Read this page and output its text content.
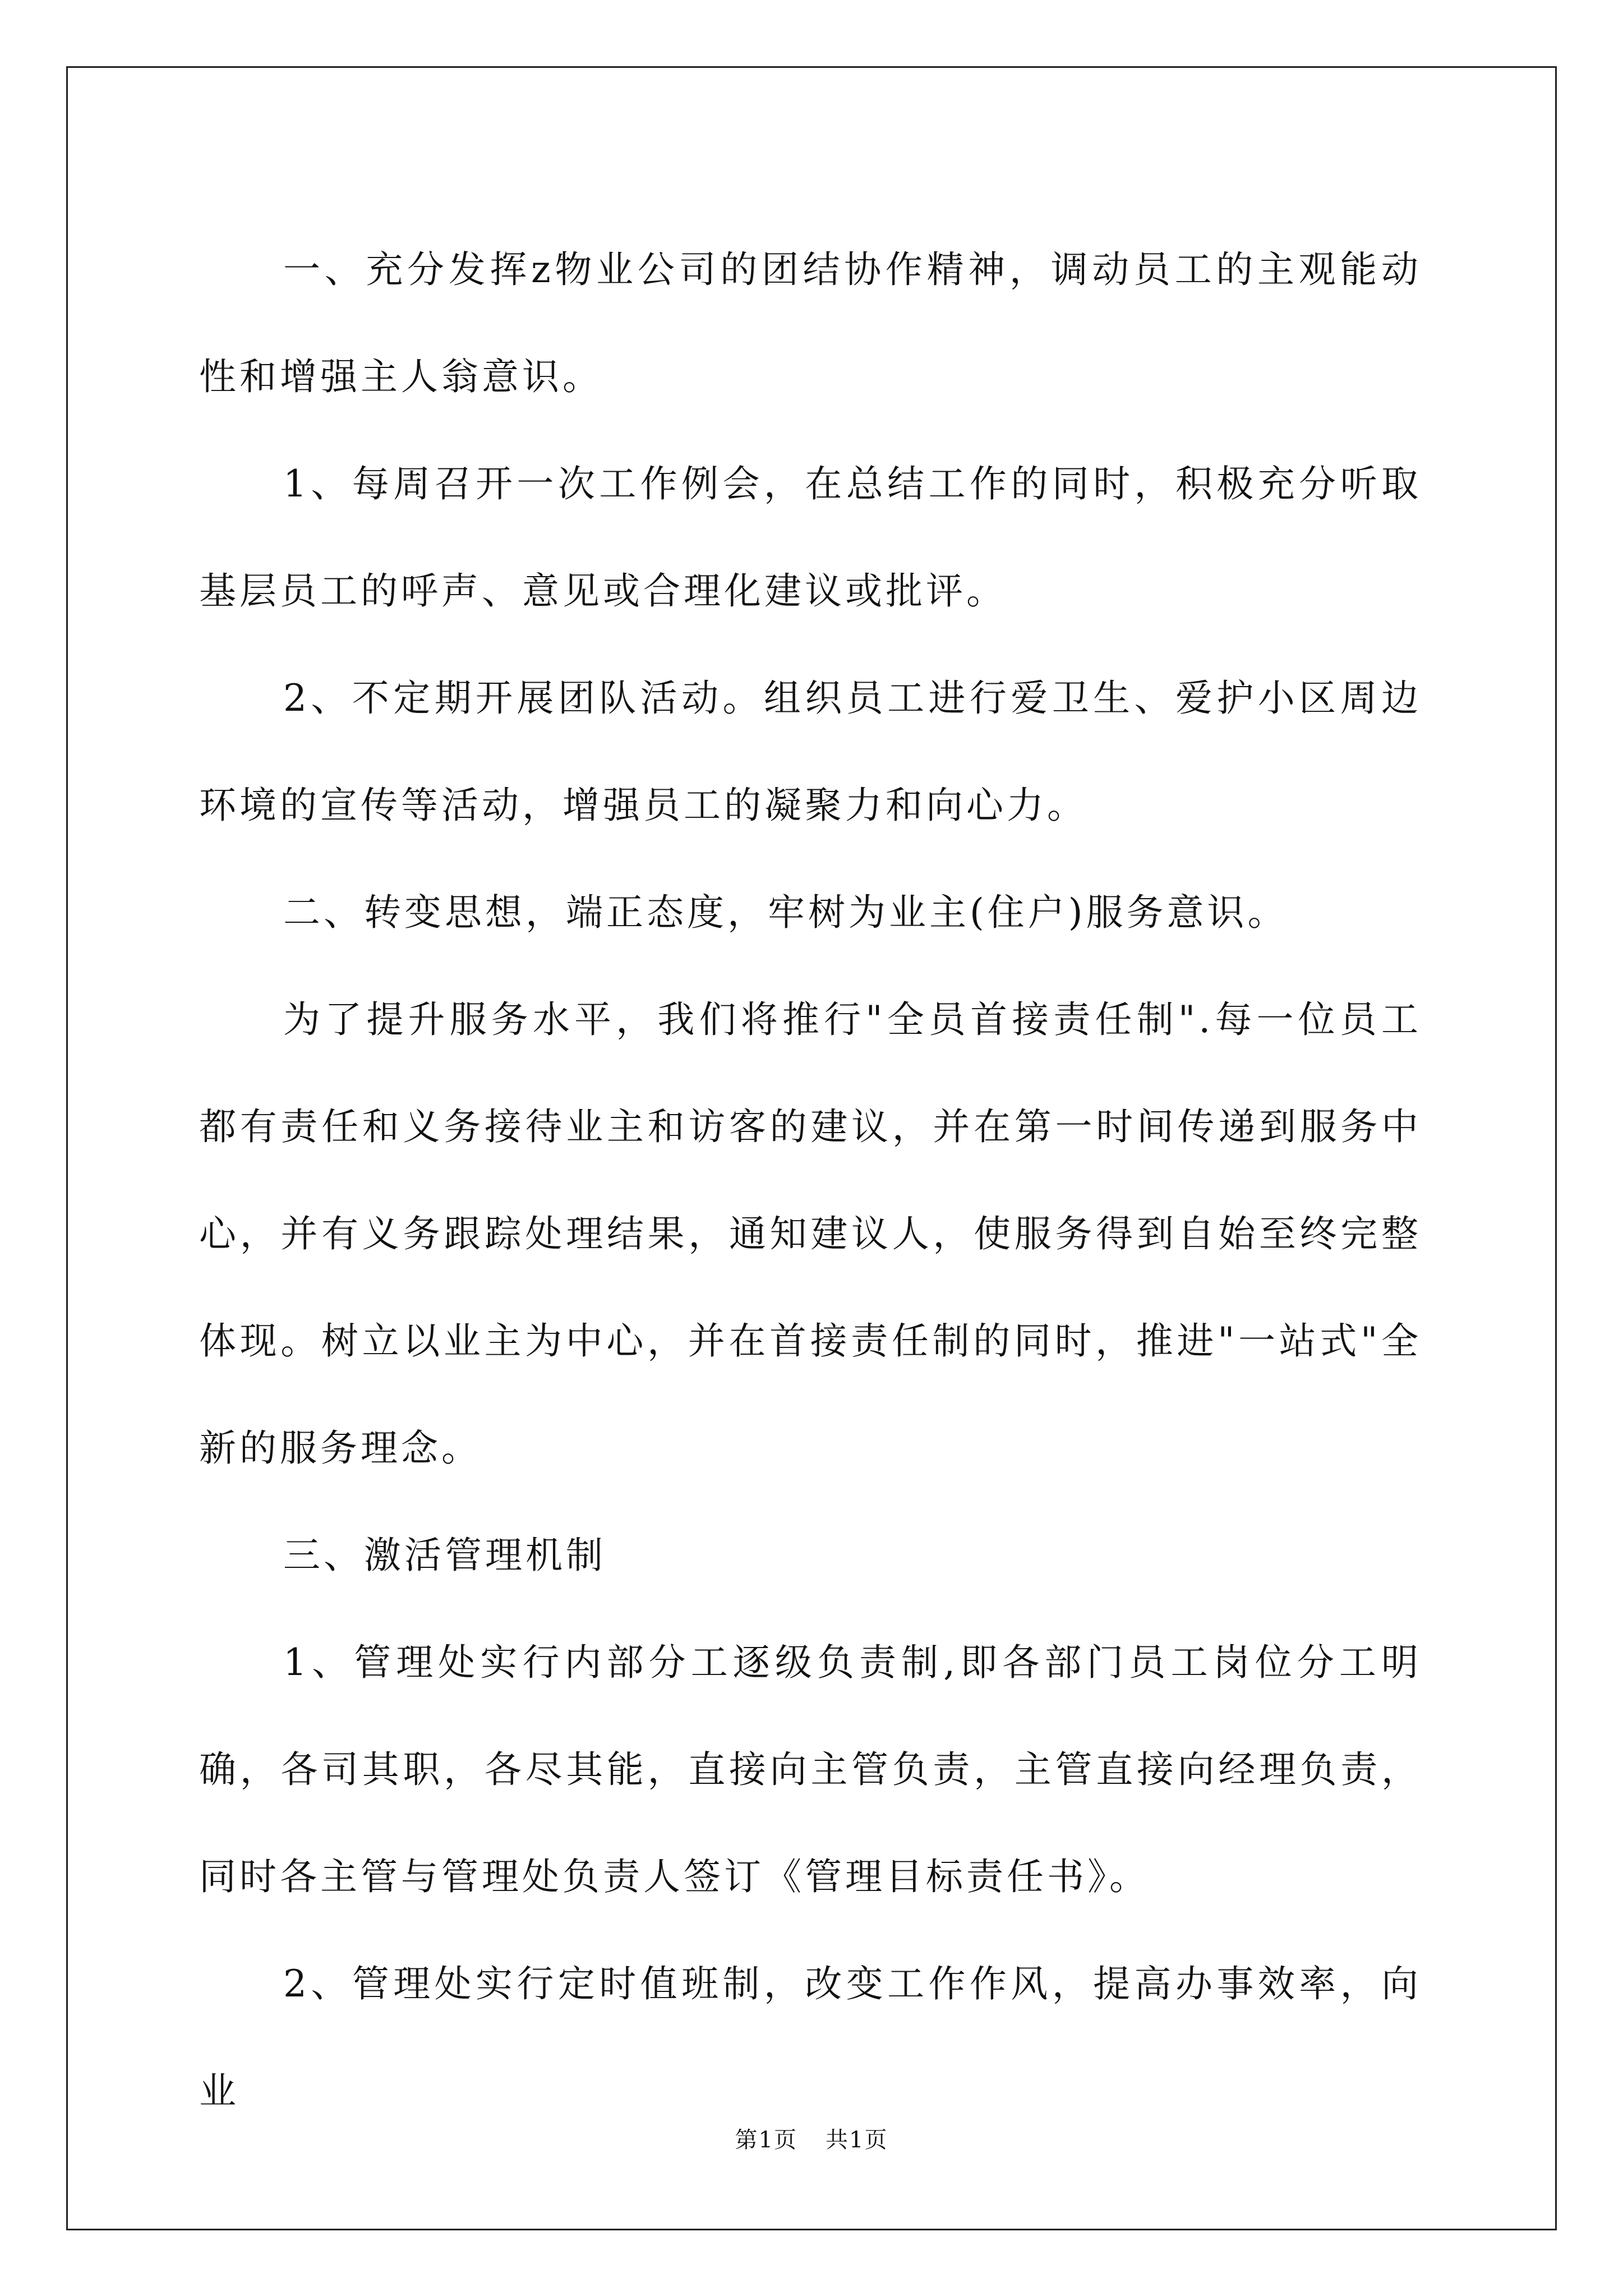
一、充分发挥z物业公司的团结协作精神，调动员工的主观能动性和增强主人翁意识。

1、每周召开一次工作例会，在总结工作的同时，积极充分听取基层员工的呼声、意见或合理化建议或批评。

2、不定期开展团队活动。组织员工进行爱卫生、爱护小区周边环境的宣传等活动，增强员工的凝聚力和向心力。

二、转变思想，端正态度，牢树为业主(住户)服务意识。

为了提升服务水平，我们将推行"全员首接责任制".每一位员工都有责任和义务接待业主和访客的建议，并在第一时间传递到服务中心，并有义务跟踪处理结果，通知建议人，使服务得到自始至终完整体现。树立以业主为中心，并在首接责任制的同时，推进"一站式"全新的服务理念。

三、激活管理机制

1、管理处实行内部分工逐级负责制,即各部门员工岗位分工明确，各司其职，各尽其能，直接向主管负责，主管直接向经理负责，同时各主管与管理处负责人签订《管理目标责任书》。

2、管理处实行定时值班制，改变工作作风，提高办事效率，向业

第1页 共1页
